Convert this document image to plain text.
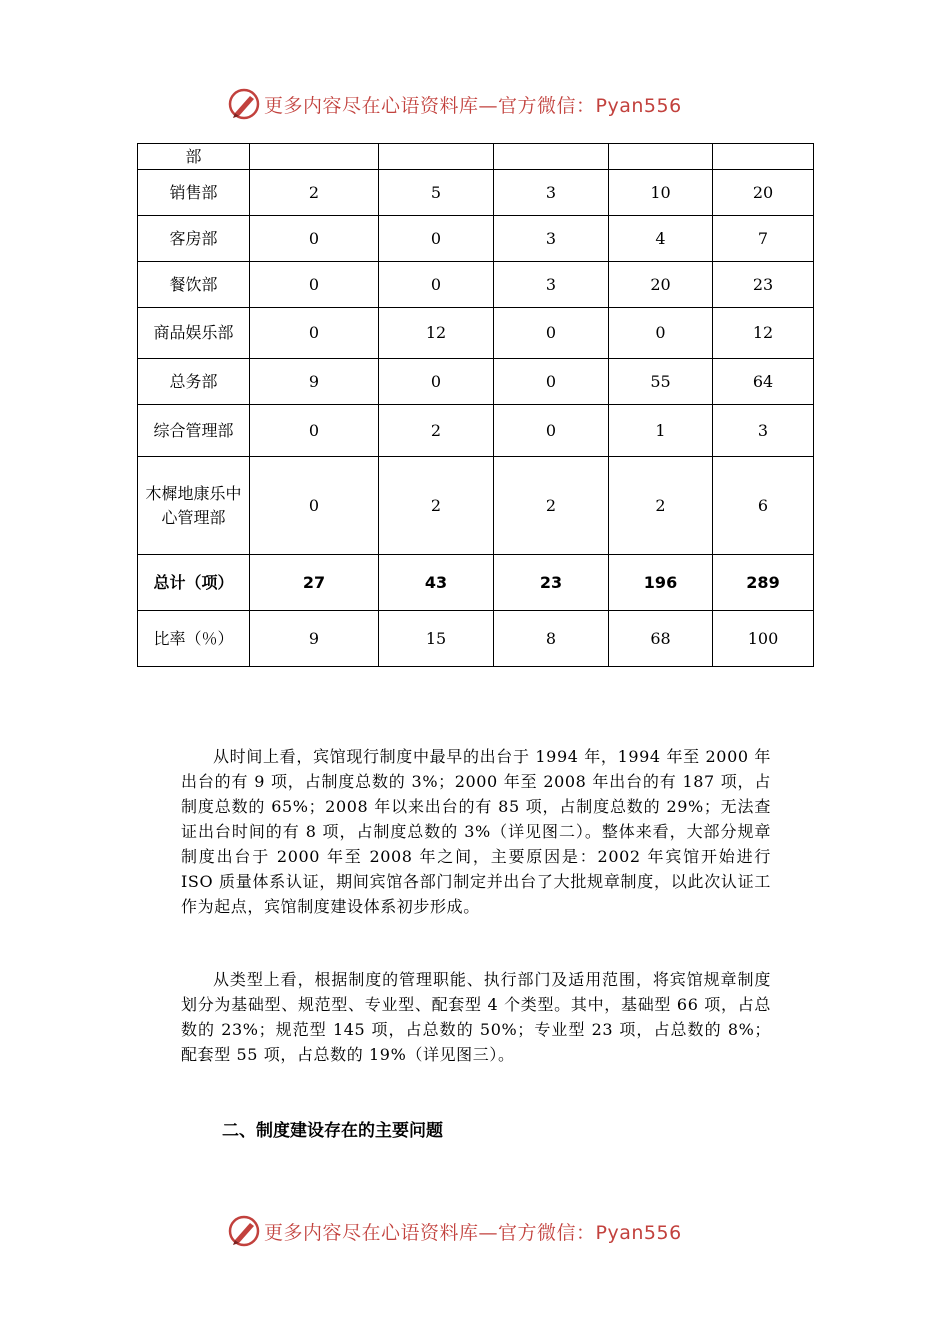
更多内容尽在心语资料库—官方微信：Pyan556
部					
销售部	2	5	3	10	20
客房部	0	0	3	4	7
餐饮部	0	0	3	20	23
商品娱乐部	0	12	0	0	12
总务部	9	0	0	55	64
综合管理部	0	2	0	1	3
木樨地康乐中心管理部	0	2	2	2	6
总计（项）	27	43	23	196	289
比率（％）	9	15	8	68	100

从时间上看，宾馆现行制度中最早的出台于 1994 年，1994 年至 2000 年出台的有 9 项，占制度总数的 3%；2000 年至 2008 年出台的有 187 项，占制度总数的 65%；2008 年以来出台的有 85 项，占制度总数的 29%；无法查证出台时间的有 8 项，占制度总数的 3%（详见图二）。整体来看，大部分规章制度出台于 2000 年至 2008 年之间，主要原因是：2002 年宾馆开始进行 ISO 质量体系认证，期间宾馆各部门制定并出台了大批规章制度，以此次认证工作为起点，宾馆制度建设体系初步形成。

从类型上看，根据制度的管理职能、执行部门及适用范围，将宾馆规章制度划分为基础型、规范型、专业型、配套型 4 个类型。其中，基础型 66 项，占总数的 23%；规范型 145 项，占总数的 50%；专业型 23 项，占总数的 8%；配套型 55 项，占总数的 19%（详见图三）。

二、制度建设存在的主要问题
更多内容尽在心语资料库—官方微信：Pyan556
